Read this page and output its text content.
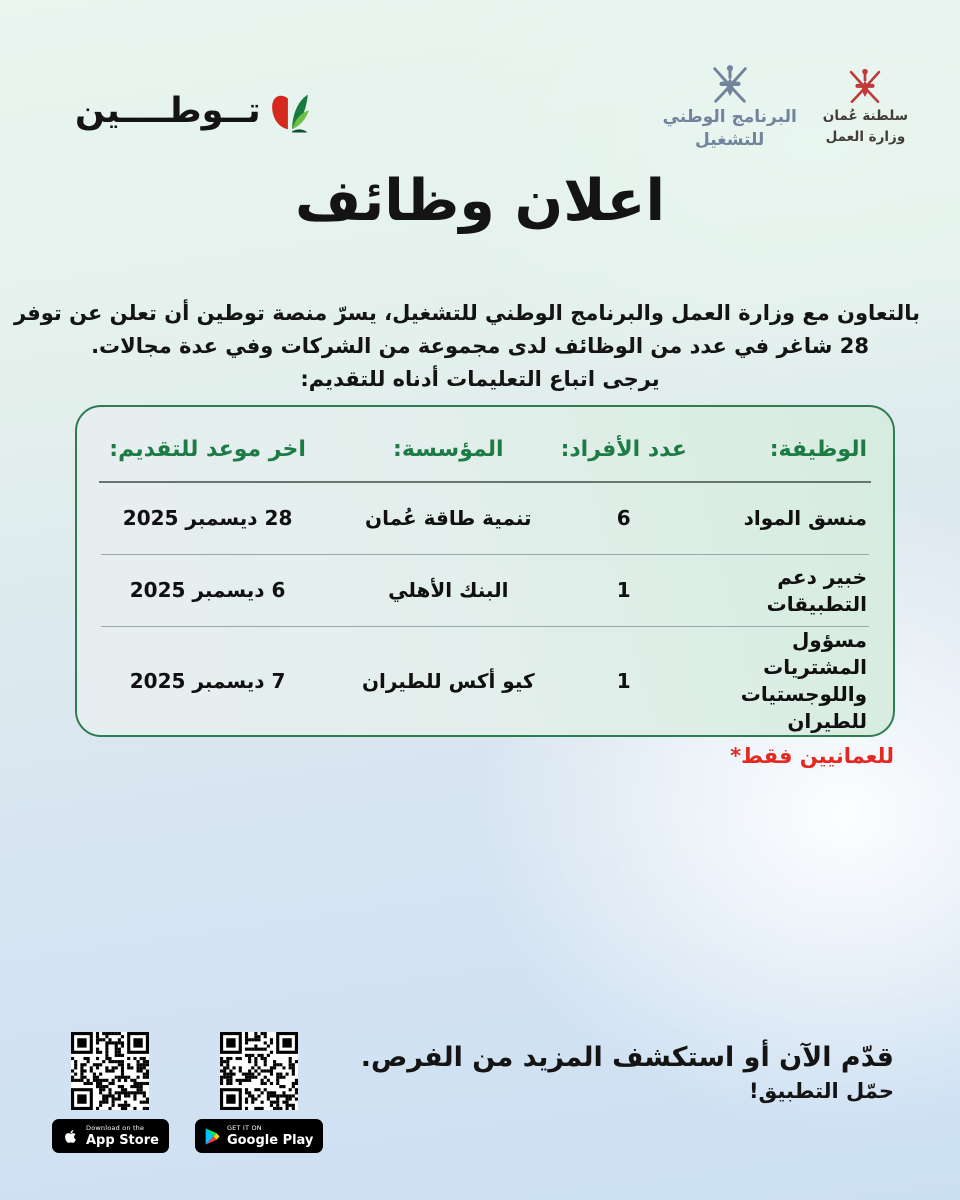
تــوطــــين	البرنامج الوطني
للتشغيل
سلطنة عُمان
وزارة العمل
اعلان وظائف
بالتعاون مع وزارة العمل والبرنامج الوطني للتشغيل، يسرّ منصة توطين أن تعلن عن توفر
28 شاغر في عدد من الوظائف لدى مجموعة من الشركات وفي عدة مجالات.
يرجى اتباع التعليمات أدناه للتقديم:
الوظيفة:
عدد الأفراد:
المؤسسة:
اخر موعد للتقديم:
منسق المواد
6
تنمية طاقة عُمان
28 ديسمبر 2025
خبير دعم التطبيقات
1
البنك الأهلي
6 ديسمبر 2025
مسؤول المشتريات واللوجستيات للطيران
1
كيو أكس للطيران
7 ديسمبر 2025
للعمانيين فقط*
قدّم الآن أو استكشف المزيد من الفرص.
حمّل التطبيق!
Download on the
App Store
GET IT ON
Google Play
